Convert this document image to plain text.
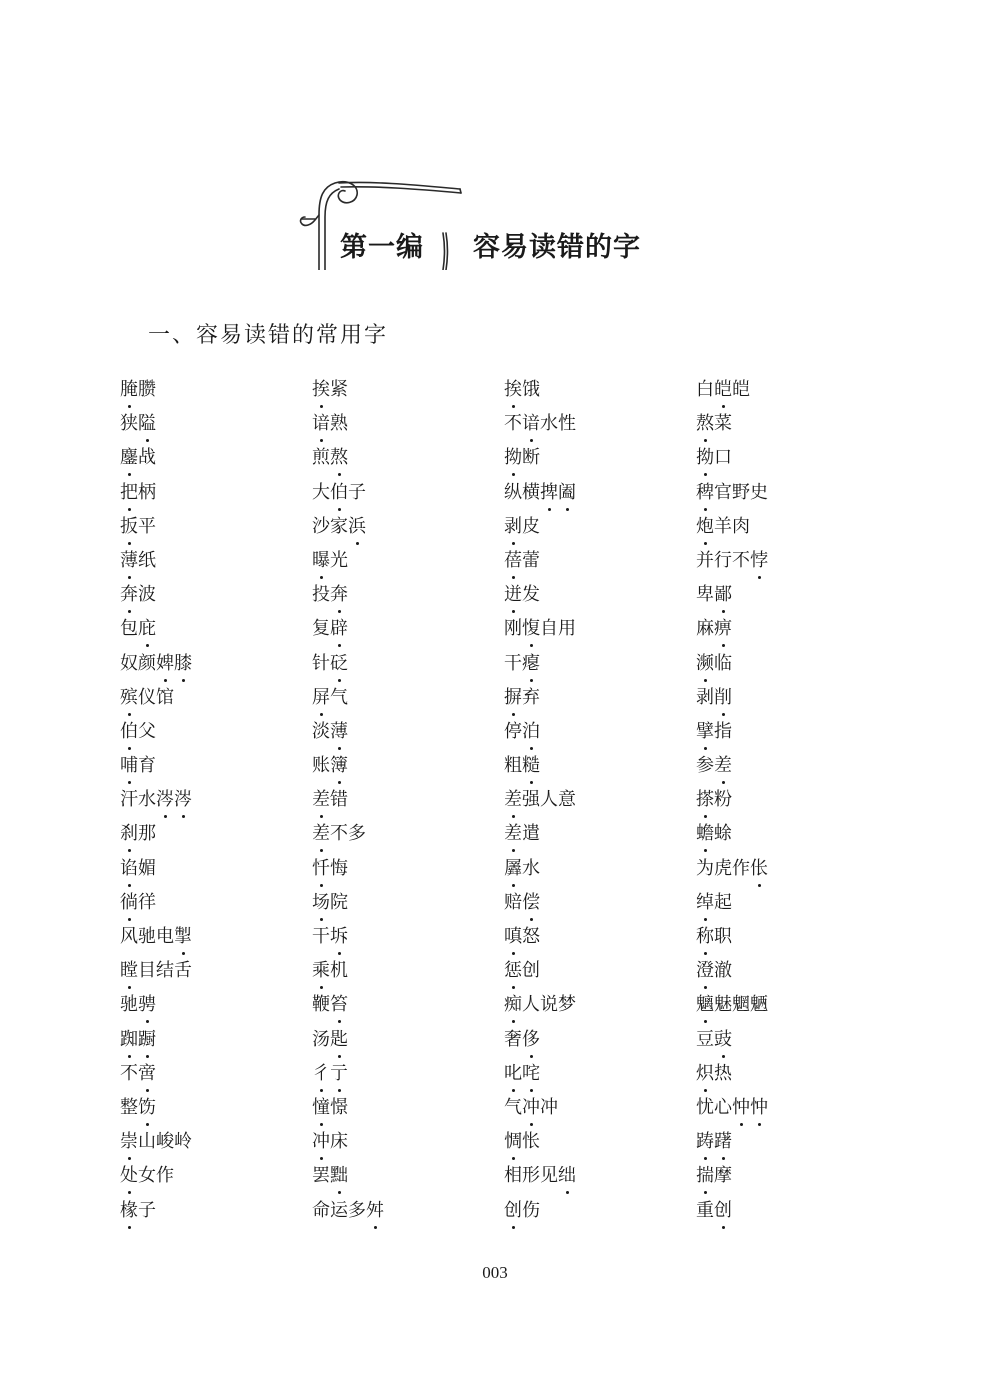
第一编 容易读错的字
一、容易读错的常用字
腌臜	挨紧	挨饿	白皑皑
狭隘	谙熟	不谙水性	熬菜
鏖战	煎熬	拗断	拗口
把柄	大伯子	纵横捭阖	稗官野史
扳平	沙家浜	剥皮	炮羊肉
薄纸	曝光	蓓蕾	并行不悖
奔波	投奔	迸发	卑鄙
包庇	复辟	刚愎自用	麻痹
奴颜婢膝	针砭	干瘪	濒临
殡仪馆	屏气	摒弃	剥削
伯父	淡薄	停泊	擘指
哺育	账簿	粗糙	参差
汗水涔涔	差错	差强人意	搽粉
刹那	差不多	差遣	蟾蜍
谄媚	忏悔	羼水	为虎作伥
徜徉	场院	赔偿	绰起
风驰电掣	干坼	嗔怒	称职
瞠目结舌	乘机	惩创	澄澈
驰骋	鞭笞	痴人说梦	魑魅魍魉
踟蹰	汤匙	奢侈	豆豉
不啻	彳亍	叱咤	炽热
整饬	憧憬	气冲冲	忧心忡忡
崇山峻岭	冲床	惆怅	踌躇
处女作	罢黜	相形见绌	揣摩
椽子	命运多舛	创伤	重创
003
